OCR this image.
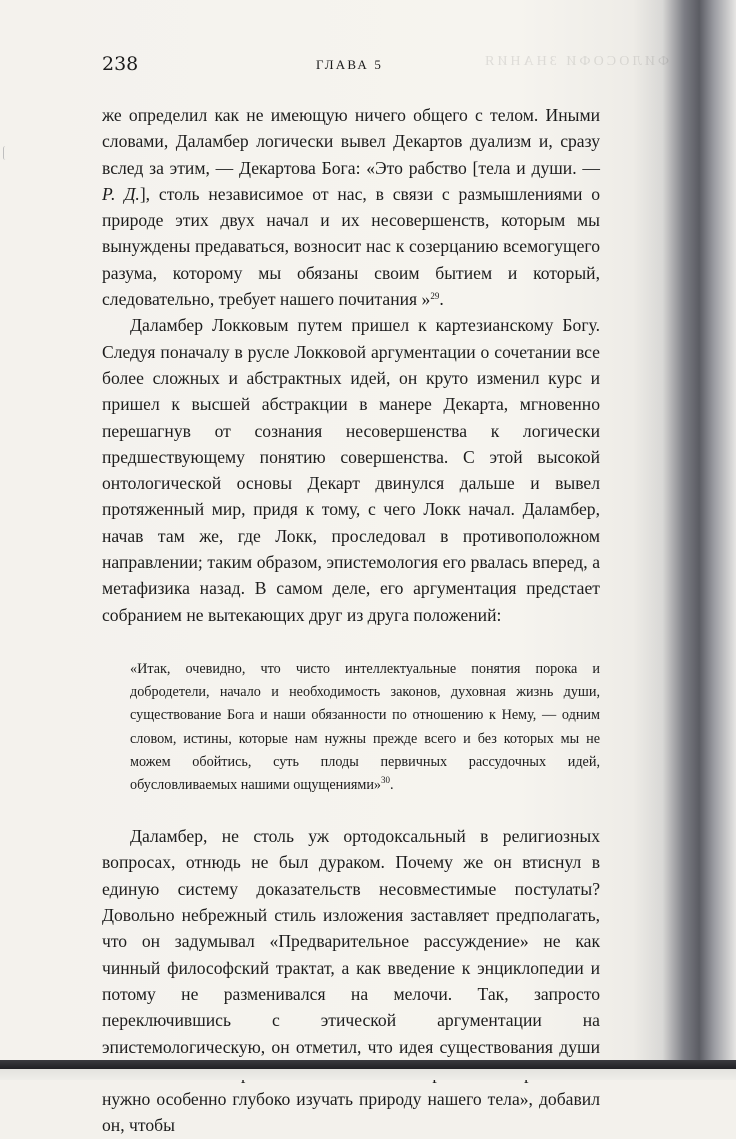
238	ГЛАВА 5	ФИЛОСОФИ ЗНАНИЯ

же определил как не имеющую ничего общего с телом. Иными словами, Даламбер логически вывел Декартов дуализм и, сразу вслед за этим, — Декартова Бога: «Это рабство [тела и души. — Р. Д.], столь независимое от нас, в связи с размышлениями о природе этих двух начал и их несовершенств, которым мы вынуждены предаваться, возносит нас к созерцанию всемогущего разума, которому мы обязаны своим бытием и который, следовательно, требует нашего почитания »$^{29}$.

Даламбер Локковым путем пришел к картезианскому Богу. Следуя поначалу в русле Локковой аргументации о сочетании все более сложных и абстрактных идей, он круто изменил курс и пришел к высшей абстракции в манере Декарта, мгновенно перешагнув от сознания несовершенства к логически предшествующему понятию совершенства. С этой высокой онтологической основы Декарт двинулся дальше и вывел протяженный мир, придя к тому, с чего Локк начал. Даламбер, начав там же, где Локк, проследовал в противоположном направлении; таким образом, эпистемология его рвалась вперед, а метафизика назад. В самом деле, его аргументация предстает собранием не вытекающих друг из друга положений:

«Итак, очевидно, что чисто интеллектуальные понятия порока и добродетели, начало и необходимость законов, духовная жизнь души, существование Бога и наши обязанности по отношению к Нему, — одним словом, истины, которые нам нужны прежде всего и без которых мы не можем обойтись, суть плоды первичных рассудочных идей, обусловливаемых нашими ощущениями»$^{30}$.

Даламбер, не столь уж ортодоксальный в религиозных вопросах, отнюдь не был дураком. Почему же он втиснул в единую систему доказательств несовместимые постулаты? Довольно небрежный стиль изложения заставляет предполагать, что он задумывал «Предварительное рассуждение» не как чинный философский трактат, а как введение к энциклопедии и потому не разменивался на мелочи. Так, запросто переключившись с этической аргументации на эпистемологическую, он отметил, что идея существования души нужно особенно глубоко изучать природу нашего тела», добавил он, чтобы
